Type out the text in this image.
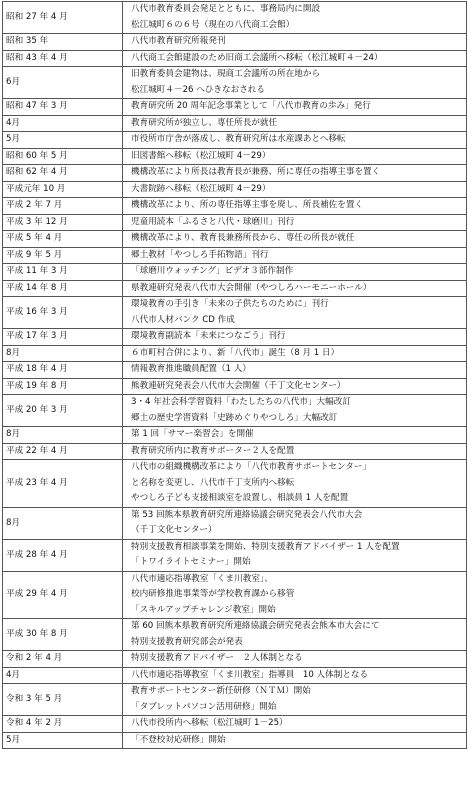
昭和 27 年 4 月	八代市教育委員会発足とともに、事務局内に開設
松江城町６の６号（現在の八代商工会館）

昭和 35 年	八代市教育研究所報発刊

昭和 43 年 4 月	八代商工会館建設のため旧商工会議所へ移転（松江城町４－24）

6月	旧教育委員会建物は、現商工会議所の所在地から
松江城町４－26 へひきなおされる

昭和 47 年 3 月	教育研究所 20 周年記念事業として「八代市教育の歩み」発行

4月	教育研究所が独立し、専任所長が就任

5月	市役所市庁舎が落成し、教育研究所は水産課あとへ移転

昭和 60 年 5 月	旧図書館へ移転（松江城町 4－29）

昭和 62 年 4 月	機構改革により所長は教育長が兼務、所に専任の指導主事を置く

平成元年 10 月	大書院跡へ移転（松江城町 4－29）

平成 2 年 7 月	機構改革により、所の専任指導主事を廃し、所長補佐を置く

平成 3 年 12 月	児童用読本「ふるさと八代・球磨川」刊行

平成 5 年 4 月	機構改革により、教育長兼務所長から、専任の所長が就任

平成 9 年 5 月	郷土教材「やつしろ手拓物語」刊行

平成 11 年 3 月	「球磨川ウォッチング」ビデオ３部作制作

平成 14 年 8 月	県教連研究発表八代市大会開催（やつしろハーモニーホール）

平成 16 年 3 月	環境教育の手引き「未来の子供たちのために」刊行
八代市人材バンク CD 作成

平成 17 年 3 月	環境教育副読本「未来につなごう」刊行

8月	６市町村合併により、新「八代市」誕生（8 月 1 日）

平成 18 年 4 月	情報教育推進職員配置（1 人）

平成 19 年 8 月	熊教連研究発表会八代市大会開催（千丁文化センター）

平成 20 年 3 月	3・4 年社会科学習資料「わたしたちの八代市」大幅改訂
郷土の歴史学習資料「史跡めぐりやつしろ」大幅改訂

8月	第 1 回「サマー楽習会」を開催

平成 22 年 4 月	教育研究所内に教育サポーター２人を配置

平成 23 年 4 月	八代市の組織機構改革により「八代市教育サポートセンター」
と名称を変更し、八代市千丁支所内へ移転
やつしろ子ども支援相談室を設置し、相談員 1 人を配置

8月	第 53 回熊本県教育研究所連絡協議会研究発表会八代市大会
（千丁文化センター）

平成 28 年 4 月	特別支援教育相談事業を開始、特別支援教育アドバイザー 1 人を配置
「トワイライトセミナー」開始

平成 29 年 4 月	八代市適応指導教室「くま川教室」、
校内研修推進事業等が学校教育課から移管
「スキルアップチャレンジ教室」開始

平成 30 年 8 月	第 60 回熊本県教育研究所連絡協議会研究発表会熊本市大会にて
特別支援教育研究部会が発表

令和 2 年 4 月	特別支援教育アドバイザー　２人体制となる

4月	八代市適応指導教室「くま川教室」指導員　10 人体制となる

令和 3 年 5 月	教育サポートセンター新任研修（ＮＴＭ）開始
「タブレットパソコン活用研修」開始

令和 4 年 2 月	八代市役所内へ移転（松江城町 1－25）

5月	「不登校対応研修」開始
